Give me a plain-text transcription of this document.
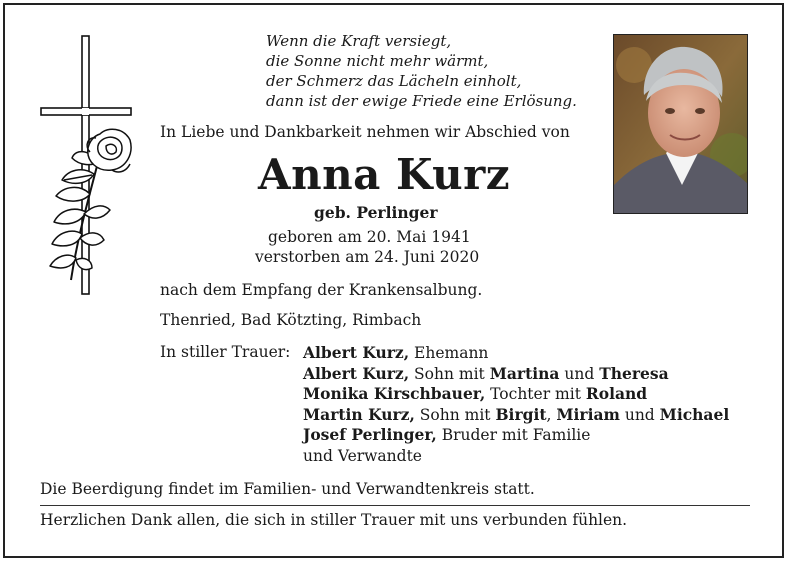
Wenn die Kraft versiegt,
die Sonne nicht mehr wärmt,
der Schmerz das Lächeln einholt,
dann ist der ewige Friede eine Erlösung.
In Liebe und Dankbarkeit nehmen wir Abschied von
Anna Kurz
geb. Perlinger
geboren am 20. Mai 1941
verstorben am 24. Juni 2020
nach dem Empfang der Krankensalbung.
Thenried, Bad Kötzting, Rimbach
In stiller Trauer: Albert Kurz, Ehemann
Albert Kurz, Sohn mit Martina und Theresa
Monika Kirschbauer, Tochter mit Roland
Martin Kurz, Sohn mit Birgit, Miriam und Michael
Josef Perlinger, Bruder mit Familie
und Verwandte
Die Beerdigung findet im Familien- und Verwandtenkreis statt.
Herzlichen Dank allen, die sich in stiller Trauer mit uns verbunden fühlen.
